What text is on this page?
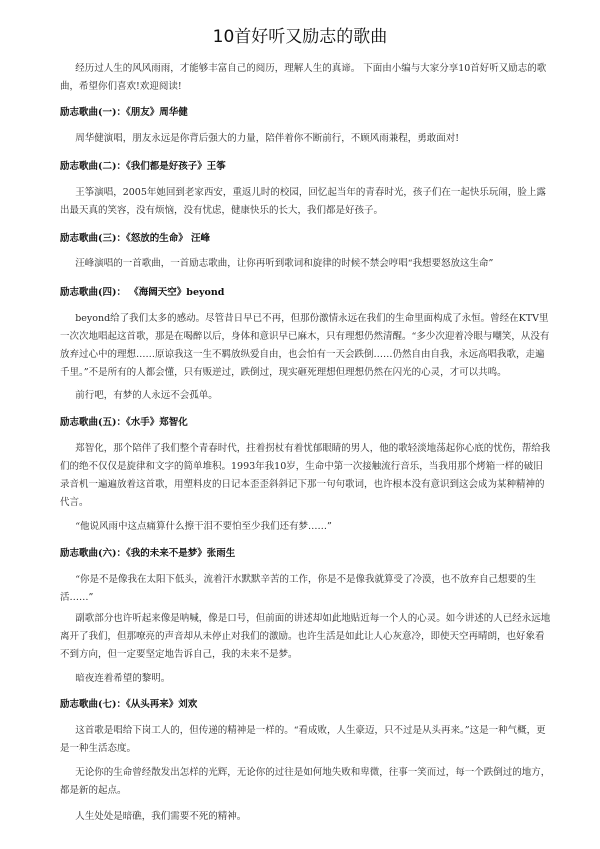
10首好听又励志的歌曲

经历过人生的风风雨雨，才能够丰富自己的阅历，理解人生的真谛。 下面由小编与大家分享10首好听又励志的歌曲，希望你们喜欢!欢迎阅读!

励志歌曲(一)：《朋友》周华健

周华健演唱，朋友永远是你背后强大的力量，陪伴着你不断前行，不顾风雨兼程，勇敢面对!

励志歌曲(二)：《我们都是好孩子》王筝

王筝演唱，2005年她回到老家西安，重返儿时的校园，回忆起当年的青春时光，孩子们在一起快乐玩闹，脸上露出最天真的笑容，没有烦恼，没有忧虑，健康快乐的长大，我们都是好孩子。

励志歌曲(三)：《怒放的生命》 汪峰

汪峰演唱的一首歌曲，一首励志歌曲，让你再听到歌词和旋律的时候不禁会哼唱“我想要怒放这生命”

励志歌曲(四)： 《海阔天空》beyond

beyond给了我们太多的感动。尽管昔日早已不再，但那份激情永远在我们的生命里面构成了永恒。曾经在KTV里一次次地唱起这首歌，那是在喝醉以后，身体和意识早已麻木，只有理想仍然清醒。“多少次迎着冷眼与嘲笑，从没有放弃过心中的理想……原谅我这一生不羁放纵爱自由，也会怕有一天会跌倒……仍然自由自我，永远高唱我歌，走遍千里。”不是所有的人都会懂，只有贩逆过，跌倒过，现实砸死理想但理想仍然在闪光的心灵，才可以共鸣。

前行吧，有梦的人永远不会孤单。

励志歌曲(五)：《水手》郑智化

郑智化，那个陪伴了我们整个青春时代，拄着拐杖有着忧郁眼睛的男人，他的歌轻淡地荡起你心底的忧伤，帮给我们的绝不仅仅是旋律和文字的简单堆积。1993年我10岁，生命中第一次接触流行音乐，当我用那个烤箱一样的破旧录音机一遍遍放着这首歌，用塑料皮的日记本歪歪斜斜记下那一句句歌词，也许根本没有意识到这会成为某种精神的代言。

“他说风雨中这点痛算什么擦干泪不要怕至少我们还有梦……”

励志歌曲(六)：《我的未来不是梦》张雨生

“你是不是像我在太阳下低头，流着汗水默默辛苦的工作，你是不是像我就算受了冷漠，也不放弃自己想要的生活……”

副歌部分也许听起来像是呐喊，像是口号，但前面的讲述却如此地贴近每一个人的心灵。如今讲述的人已经永远地离开了我们，但那嘹亮的声音却从未停止对我们的激励。也许生活是如此让人心灰意冷，即使天空再晴朗，也好象看不到方向，但一定要坚定地告诉自己，我的未来不是梦。

暗夜连着希望的黎明。

励志歌曲(七)：《从头再来》刘欢

这首歌是唱给下岗工人的，但传递的精神是一样的。“看成败，人生豪迈，只不过是从头再来。”这是一种气概，更是一种生活态度。

无论你的生命曾经散发出怎样的光辉，无论你的过往是如何地失败和卑微，往事一笑而过，每一个跌倒过的地方，都是新的起点。

人生处处是暗礁，我们需要不死的精神。
